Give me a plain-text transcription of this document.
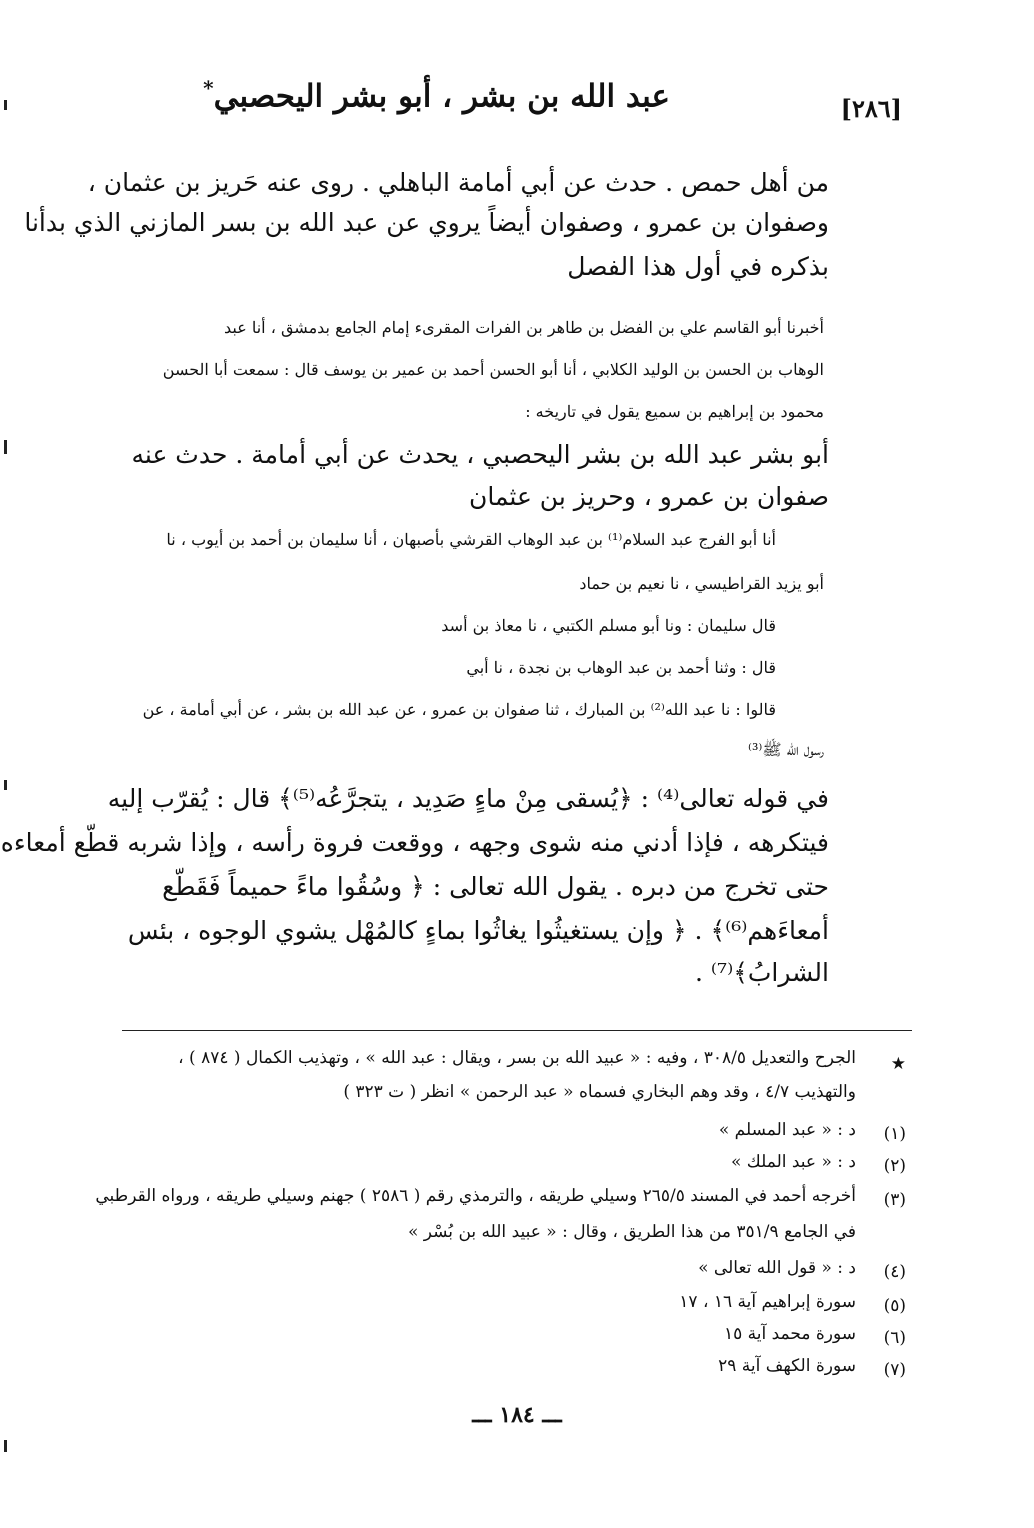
[٢٨٦]
عبد الله بن بشر ، أبو بشر اليحصبي*
من أهل حمص . حدث عن أبي أمامة الباهلي . روى عنه حَريز بن عثمان ،
وصفوان بن عمرو ، وصفوان أيضاً يروي عن عبد الله بن بسر المازني الذي بدأنا
بذكره في أول هذا الفصل
أخبرنا أبو القاسم علي بن الفضل بن طاهر بن الفرات المقرىء إمام الجامع بدمشق ، أنا عبد
الوهاب بن الحسن بن الوليد الكلابي ، أنا أبو الحسن أحمد بن عمير بن يوسف قال : سمعت أبا الحسن
محمود بن إبراهيم بن سميع يقول في تاريخه :
أبو بشر عبد الله بن بشر اليحصبي ، يحدث عن أبي أمامة . حدث عنه
صفوان بن عمرو ، وحريز بن عثمان
أنا أبو الفرج عبد السلام⁽¹⁾ بن عبد الوهاب القرشي بأصبهان ، أنا سليمان بن أحمد بن أيوب ، نا
أبو يزيد القراطيسي ، نا نعيم بن حماد
قال سليمان : ونا أبو مسلم الكتبي ، نا معاذ بن أسد
قال : وثنا أحمد بن عبد الوهاب بن نجدة ، نا أبي
قالوا : نا عبد الله⁽²⁾ بن المبارك ، ثنا صفوان بن عمرو ، عن عبد الله بن بشر ، عن أبي أمامة ، عن
رسول الله ﷺ⁽³⁾
في قوله تعالى⁽⁴⁾ : ﴿يُسقى مِنْ ماءٍ صَدِيد ، يتجرَّعُه⁽⁵⁾﴾ قال : يُقرّب إليه
فيتكرهه ، فإذا أدني منه شوى وجهه ، ووقعت فروة رأسه ، وإذا شربه قطّع أمعاءه
حتى تخرج من دبره . يقول الله تعالى : ﴿ وسُقُوا ماءً حميماً فَقَطّع
أمعاءَهم⁽⁶⁾﴾ . ﴿ وإن يستغيثُوا يغاثُوا بماءٍ كالمُهْل يشوي الوجوه ، بئس
الشرابُ﴾⁽⁷⁾ .
★
الجرح والتعديل ٣٠٨/٥ ، وفيه : « عبيد الله بن بسر ، ويقال : عبد الله » ، وتهذيب الكمال ( ٨٧٤ ) ،
والتهذيب ٤/٧ ، وقد وهم البخاري فسماه « عبد الرحمن » انظر ( ت ٣٢٣ )
(١)
د : « عبد المسلم »
(٢)
د : « عبد الملك »
(٣)
أخرجه أحمد في المسند ٢٦٥/٥ وسيلي طريقه ، والترمذي رقم ( ٢٥٨٦ ) جهنم وسيلي طريقه ، ورواه القرطبي
في الجامع ٣٥١/٩ من هذا الطريق ، وقال : « عبيد الله بن بُسْر »
(٤)
د : « قول الله تعالى »
(٥)
سورة إبراهيم آية ١٦ ، ١٧
(٦)
سورة محمد آية ١٥
(٧)
سورة الكهف آية ٢٩
ـــ ١٨٤ ـــ
